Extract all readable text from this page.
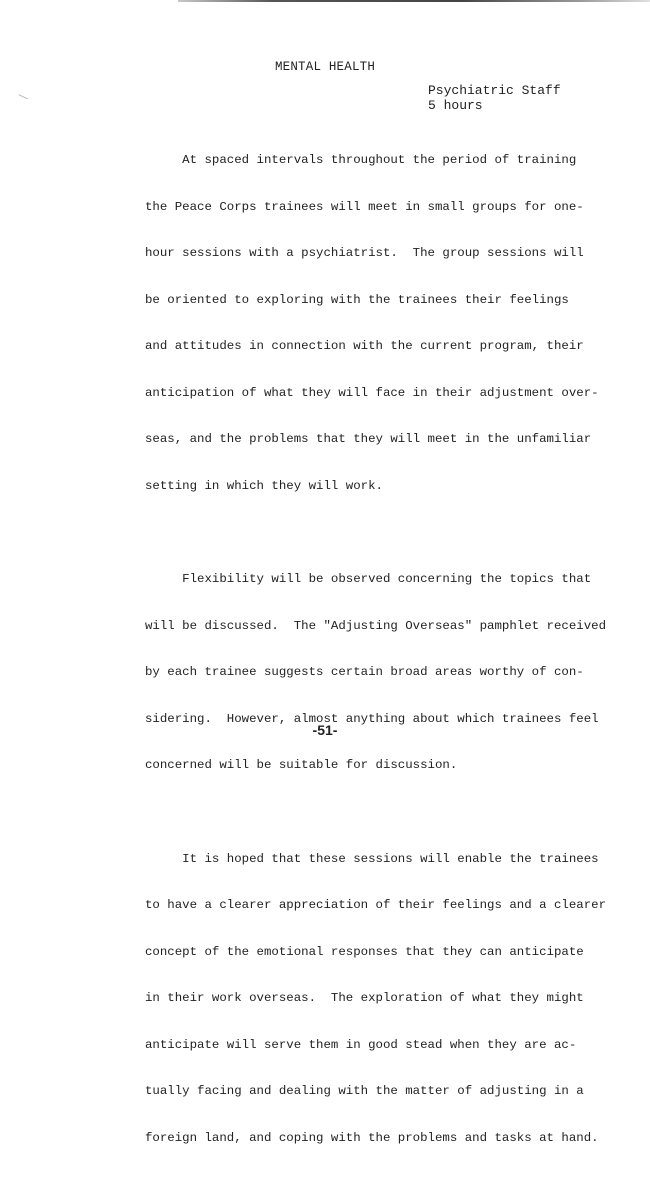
MENTAL HEALTH
Psychiatric Staff
5 hours

At spaced intervals throughout the period of training

the Peace Corps trainees will meet in small groups for one-

hour sessions with a psychiatrist.  The group sessions will

be oriented to exploring with the trainees their feelings

and attitudes in connection with the current program, their

anticipation of what they will face in their adjustment over-

seas, and the problems that they will meet in the unfamiliar

setting in which they will work.

Flexibility will be observed concerning the topics that

will be discussed.  The "Adjusting Overseas" pamphlet received

by each trainee suggests certain broad areas worthy of con-

sidering.  However, almost anything about which trainees feel

concerned will be suitable for discussion.

It is hoped that these sessions will enable the trainees

to have a clearer appreciation of their feelings and a clearer

concept of the emotional responses that they can anticipate

in their work overseas.  The exploration of what they might

anticipate will serve them in good stead when they are ac-

tually facing and dealing with the matter of adjusting in a

foreign land, and coping with the problems and tasks at hand.

-51-
